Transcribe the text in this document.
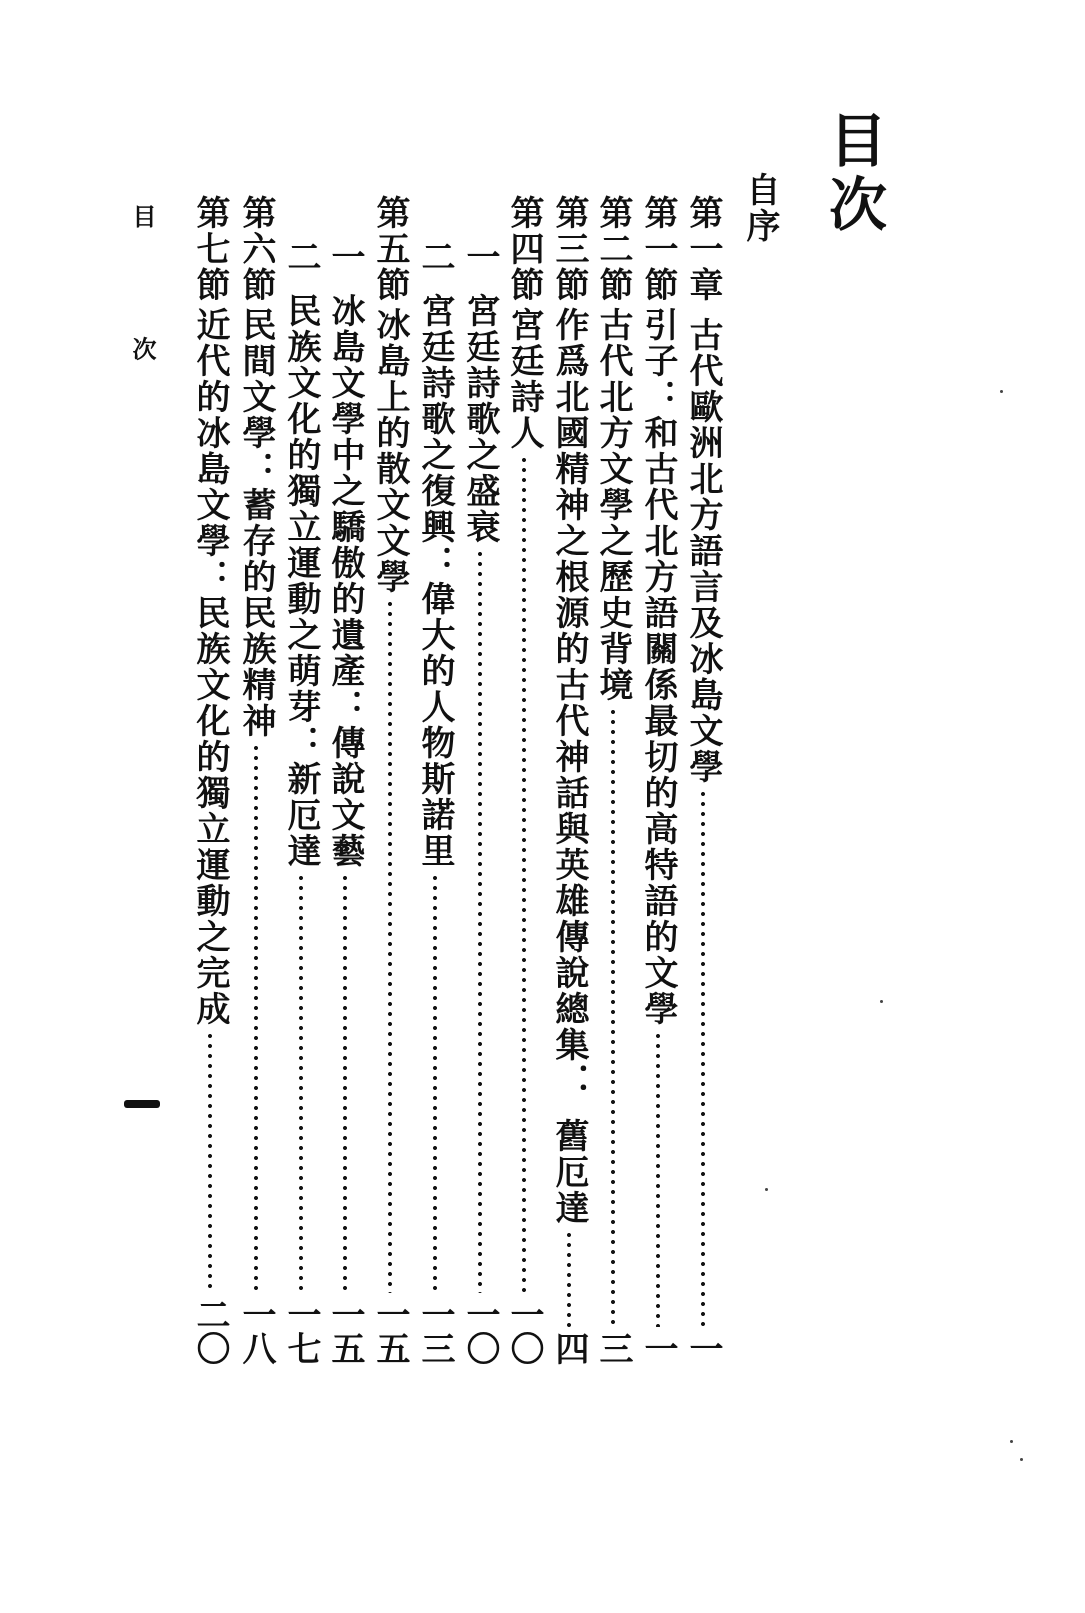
目次
自序
第一章
古代歐洲北方語言及冰島文學
一
第一節
引子：和古代北方語關係最切的高特語的文學
一
第二節
古代北方文學之歷史背境
三
第三節
作爲北國精神之根源的古代神話與英雄傳說總集．．舊厄達
四
第四節
宮廷詩人
一〇
一
宮廷詩歌之盛衰
一〇
二
宮廷詩歌之復興：偉大的人物斯諾里
一三
第五節
冰島上的散文文學
一五
一
冰島文學中之驕傲的遺產：傳說文藝
一五
二
民族文化的獨立運動之萌芽：新厄達
一七
第六節
民間文學：蓄存的民族精神
一八
第七節
近代的冰島文學：民族文化的獨立運動之完成
二〇
目 次
